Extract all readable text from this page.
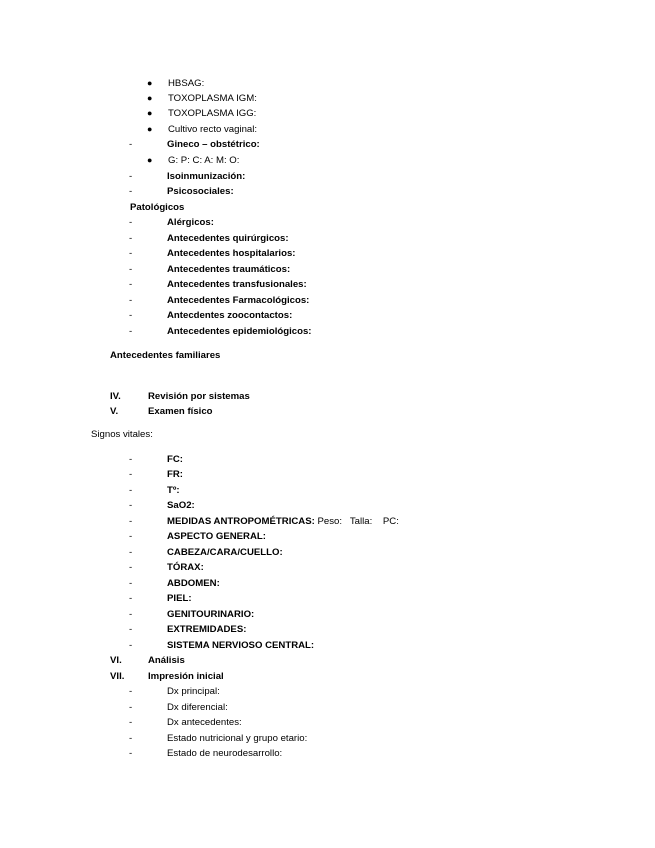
● HBSAG:
● TOXOPLASMA IGM:
● TOXOPLASMA IGG:
● Cultivo recto vaginal:
-	Gineco – obstétrico:
● G: P: C: A: M: O:
-	Isoinmunización:
-	Psicosociales:
Patológicos
-	Alérgicos:
-	Antecedentes quirúrgicos:
-	Antecedentes hospitalarios:
-	Antecedentes traumáticos:
-	Antecedentes transfusionales:
-	Antecedentes Farmacológicos:
-	Antecdentes zoocontactos:
-	Antecedentes epidemiológicos:
Antecedentes familiares
IV.	Revisión por sistemas
V.	Examen físico
Signos vitales:
-	FC:
-	FR:
-	Tº:
-	SaO2:
-	MEDIDAS ANTROPOMÉTRICAS: Peso:   Talla:    PC:
-	ASPECTO GENERAL:
-	CABEZA/CARA/CUELLO:
-	TÓRAX:
-	ABDOMEN:
-	PIEL:
-	GENITOURINARIO:
-	EXTREMIDADES:
-	SISTEMA NERVIOSO CENTRAL:
VI.	Análisis
VII. Impresión inicial
-	Dx principal:
-	Dx diferencial:
-	Dx antecedentes:
-	Estado nutricional y grupo etario:
-	Estado de neurodesarrollo:
